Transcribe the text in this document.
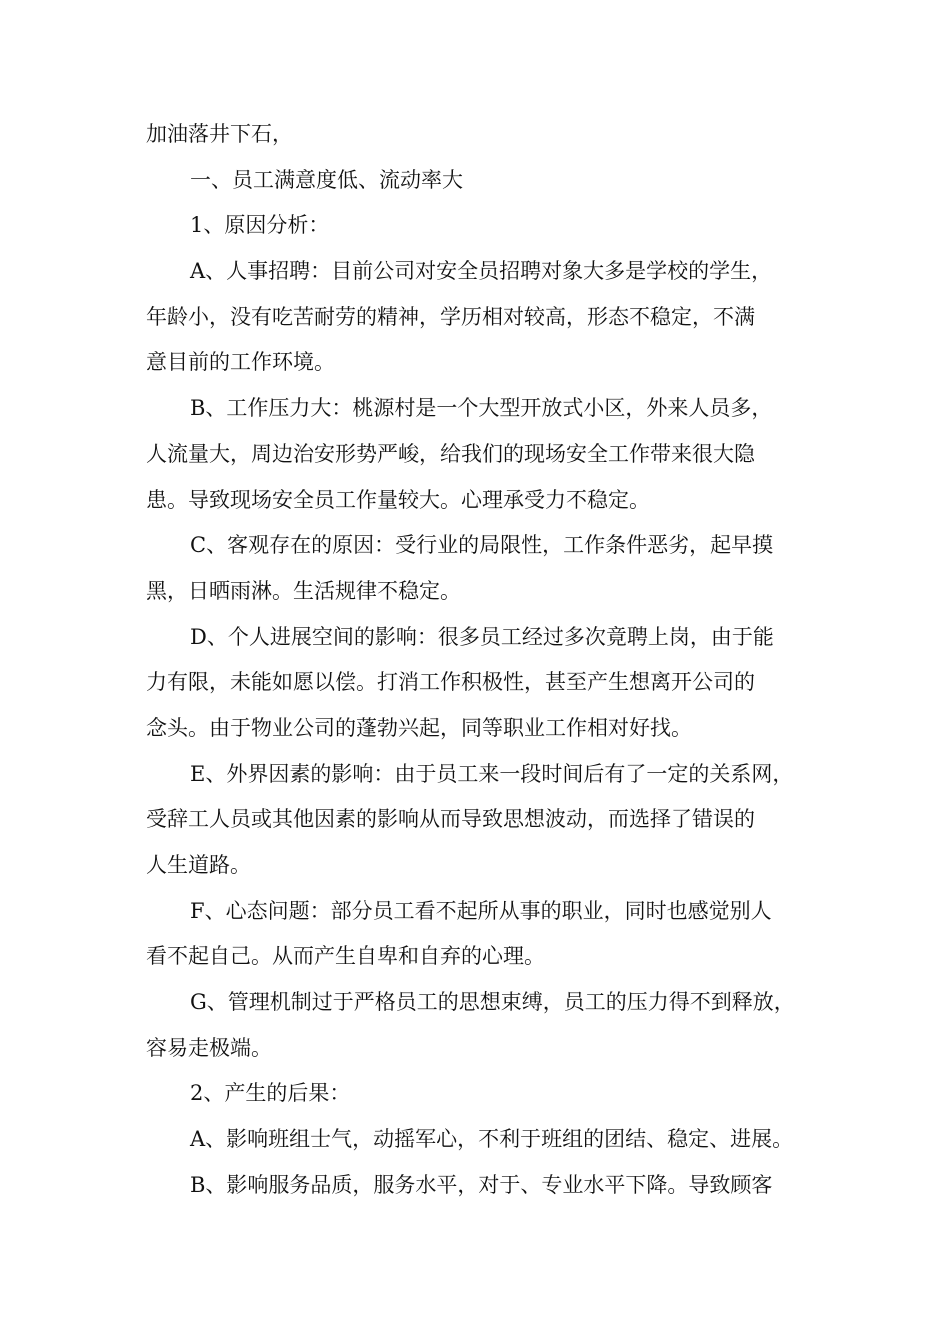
加油落井下石，
一、员工满意度低、流动率大
1、原因分析：
A、人事招聘：目前公司对安全员招聘对象大多是学校的学生，
年龄小，没有吃苦耐劳的精神，学历相对较高，形态不稳定，不满
意目前的工作环境。
B、工作压力大：桃源村是一个大型开放式小区，外来人员多，
人流量大，周边治安形势严峻，给我们的现场安全工作带来很大隐
患。导致现场安全员工作量较大。心理承受力不稳定。
C、客观存在的原因：受行业的局限性，工作条件恶劣，起早摸
黑，日晒雨淋。生活规律不稳定。
D、个人进展空间的影响：很多员工经过多次竟聘上岗，由于能
力有限，未能如愿以偿。打消工作积极性，甚至产生想离开公司的
念头。由于物业公司的蓬勃兴起，同等职业工作相对好找。
E、外界因素的影响：由于员工来一段时间后有了一定的关系网，
受辞工人员或其他因素的影响从而导致思想波动，而选择了错误的
人生道路。
F、心态问题：部分员工看不起所从事的职业，同时也感觉别人
看不起自己。从而产生自卑和自弃的心理。
G、管理机制过于严格员工的思想束缚，员工的压力得不到释放，
容易走极端。
2、产生的后果：
A、影响班组士气，动摇军心，不利于班组的团结、稳定、进展。
B、影响服务品质，服务水平，对于、专业水平下降。导致顾客
